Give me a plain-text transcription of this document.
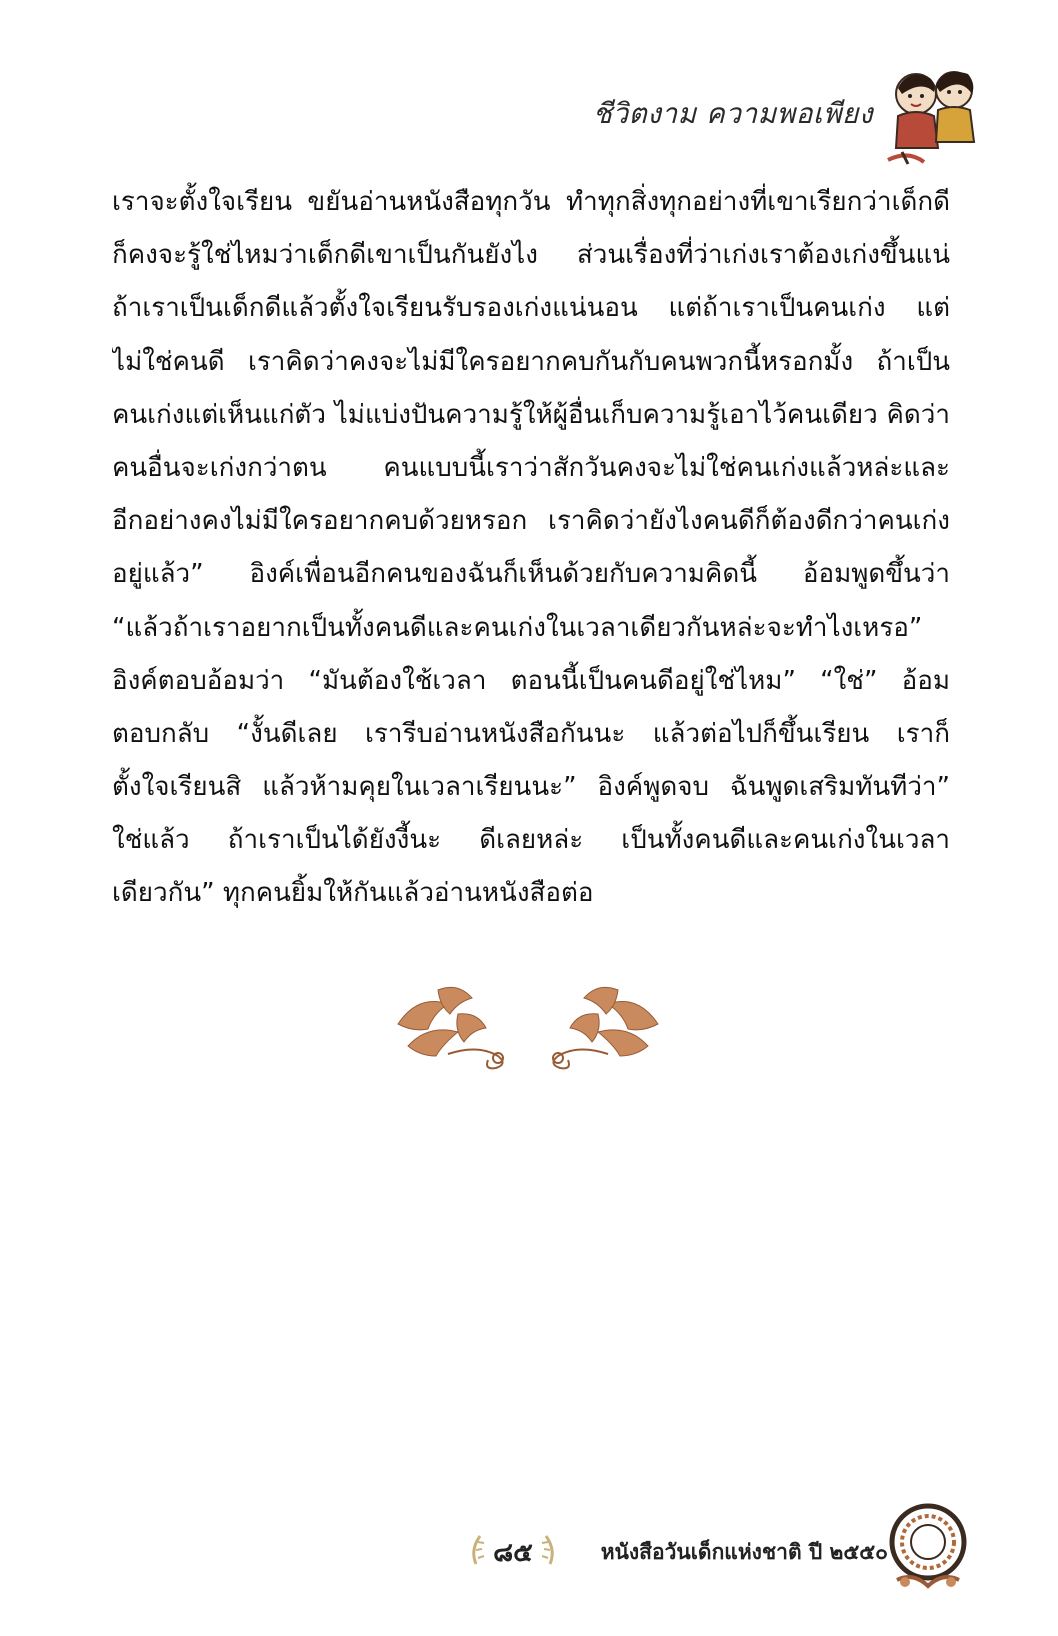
ชีวิตงาม ความพอเพียง
เราจะตั้งใจเรียน ขยันอ่านหนังสือทุกวัน ทำทุกสิ่งทุกอย่างที่เขาเรียกว่าเด็กดี
ก็คงจะรู้ใช่ไหมว่าเด็กดีเขาเป็นกันยังไง ส่วนเรื่องที่ว่าเก่งเราต้องเก่งขึ้นแน่
ถ้าเราเป็นเด็กดีแล้วตั้งใจเรียนรับรองเก่งแน่นอน แต่ถ้าเราเป็นคนเก่ง แต่
ไม่ใช่คนดี เราคิดว่าคงจะไม่มีใครอยากคบกันกับคนพวกนี้หรอกมั้ง ถ้าเป็น
คนเก่งแต่เห็นแก่ตัว ไม่แบ่งปันความรู้ให้ผู้อื่นเก็บความรู้เอาไว้คนเดียว คิดว่า
คนอื่นจะเก่งกว่าตน คนแบบนี้เราว่าสักวันคงจะไม่ใช่คนเก่งแล้วหล่ะและ
อีกอย่างคงไม่มีใครอยากคบด้วยหรอก เราคิดว่ายังไงคนดีก็ต้องดีกว่าคนเก่ง
อยู่แล้ว” อิงค์เพื่อนอีกคนของฉันก็เห็นด้วยกับความคิดนี้ อ้อมพูดขึ้นว่า
“แล้วถ้าเราอยากเป็นทั้งคนดีและคนเก่งในเวลาเดียวกันหล่ะจะทำไงเหรอ”
อิงค์ตอบอ้อมว่า “มันต้องใช้เวลา ตอนนี้เป็นคนดีอยู่ใช่ไหม” “ใช่” อ้อม
ตอบกลับ “งั้นดีเลย เรารีบอ่านหนังสือกันนะ แล้วต่อไปก็ขึ้นเรียน เราก็
ตั้งใจเรียนสิ แล้วห้ามคุยในเวลาเรียนนะ” อิงค์พูดจบ ฉันพูดเสริมทันทีว่า”
ใช่แล้ว ถ้าเราเป็นได้ยังงี้นะ ดีเลยหล่ะ เป็นทั้งคนดีและคนเก่งในเวลา
เดียวกัน” ทุกคนยิ้มให้กันแล้วอ่านหนังสือต่อ
๘๕	หนังสือวันเด็กแห่งชาติ ปี ๒๕๕๐
